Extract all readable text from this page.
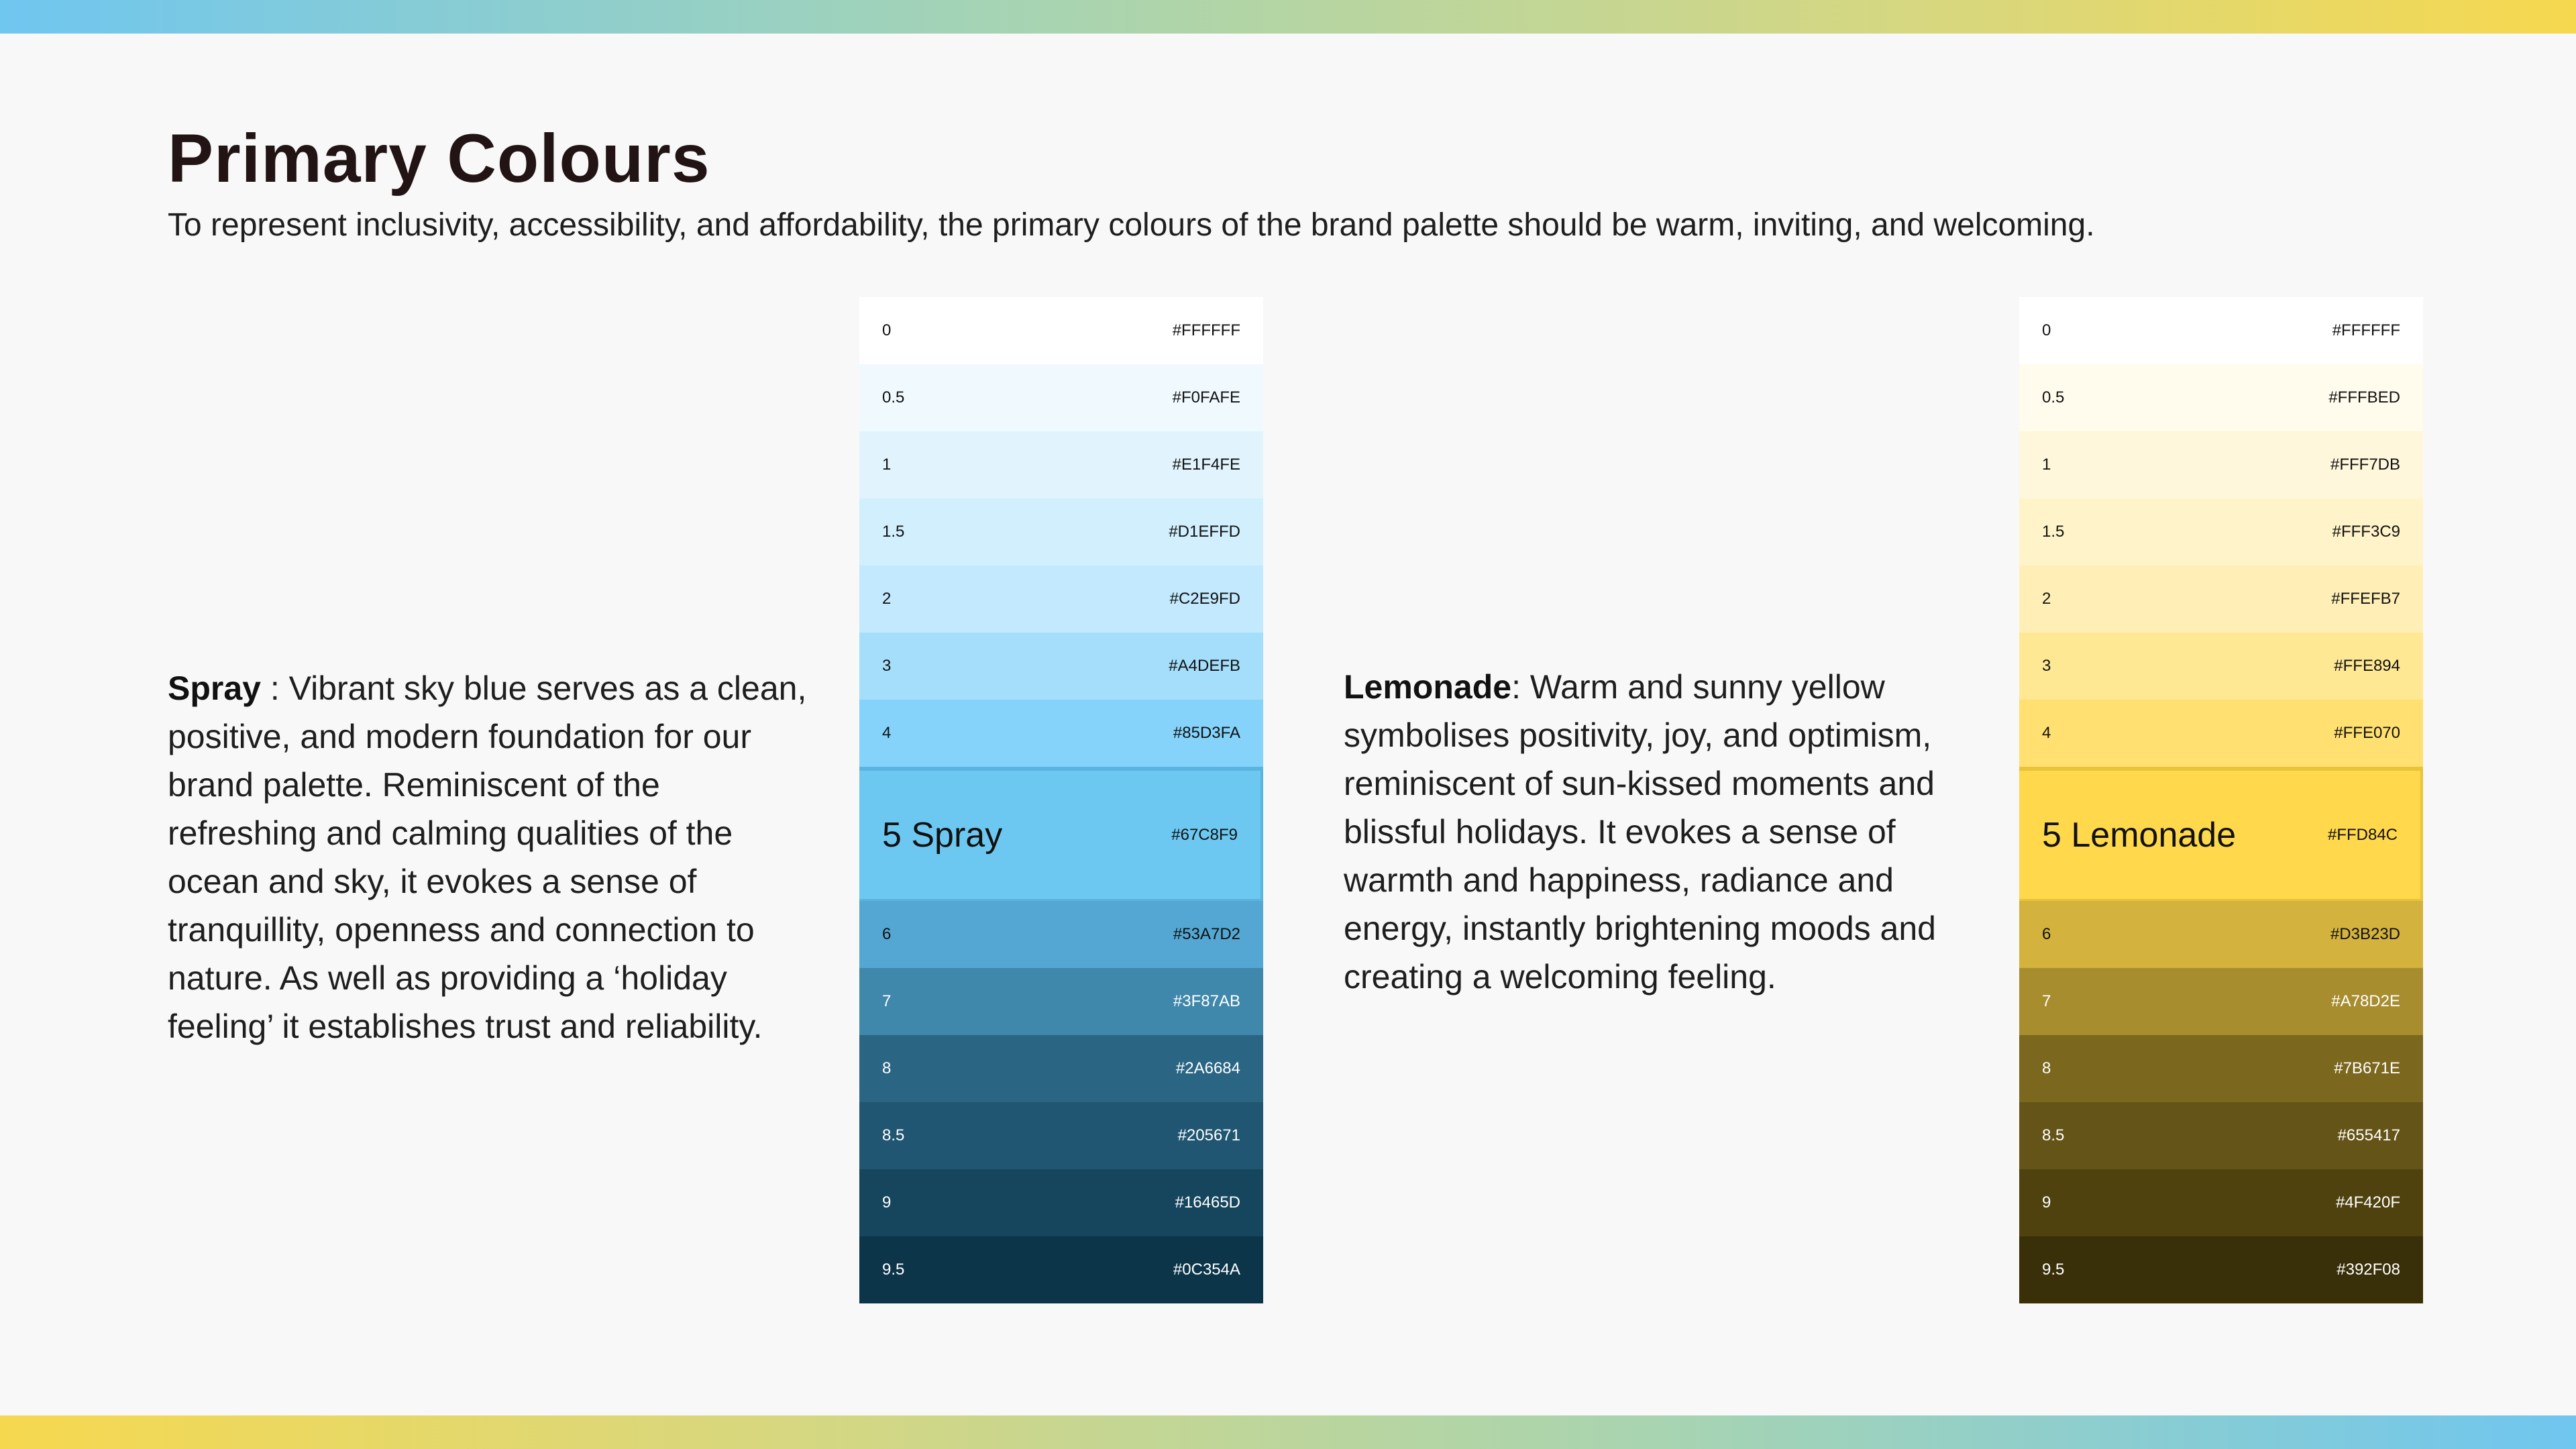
Primary Colours

To represent inclusivity, accessibility, and affordability, the primary colours of the brand palette should be warm, inviting, and welcoming.

Spray : Vibrant sky blue serves as a clean, positive, and modern foundation for our brand palette. Reminiscent of the refreshing and calming qualities of the ocean and sky, it evokes a sense of tranquillity, openness and connection to nature. As well as providing a ‘holiday feeling’ it establishes trust and reliability.

0	#FFFFFF
0.5	#F0FAFE
1	#E1F4FE
1.5	#D1EFFD
2	#C2E9FD
3	#A4DEFB
4	#85D3FA
5 Spray	#67C8F9
6	#53A7D2
7	#3F87AB
8	#2A6684
8.5	#205671
9	#16465D
9.5	#0C354A

Lemonade: Warm and sunny yellow symbolises positivity, joy, and optimism, reminiscent of sun-kissed moments and blissful holidays. It evokes a sense of warmth and happiness, radiance and energy, instantly brightening moods and creating a welcoming feeling.

0	#FFFFFF
0.5	#FFFBED
1	#FFF7DB
1.5	#FFF3C9
2	#FFEFB7
3	#FFE894
4	#FFE070
5 Lemonade	#FFD84C
6	#D3B23D
7	#A78D2E
8	#7B671E
8.5	#655417
9	#4F420F
9.5	#392F08
